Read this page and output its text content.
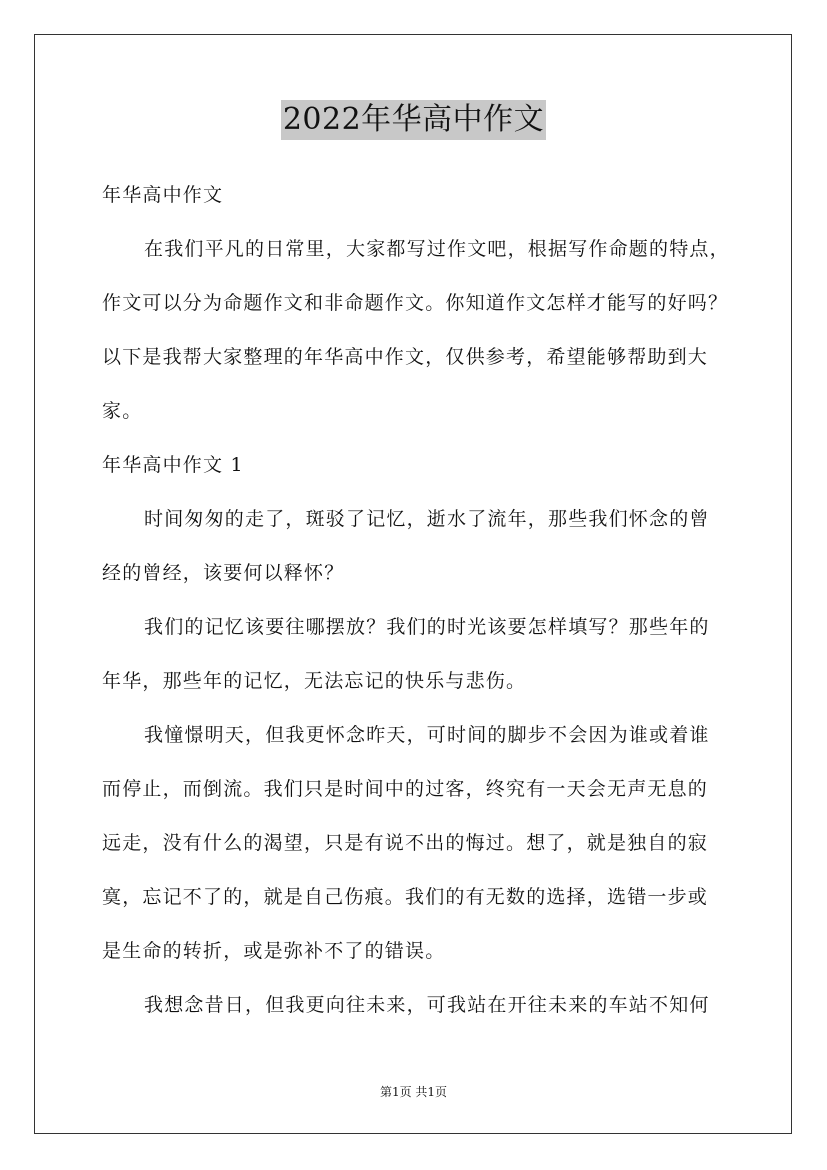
2022年华高中作文
年华高中作文
在我们平凡的日常里，大家都写过作文吧，根据写作命题的特点，
作文可以分为命题作文和非命题作文。你知道作文怎样才能写的好吗？
以下是我帮大家整理的年华高中作文，仅供参考，希望能够帮助到大
家。
年华高中作文 1
时间匆匆的走了，斑驳了记忆，逝水了流年，那些我们怀念的曾
经的曾经，该要何以释怀？
我们的记忆该要往哪摆放？我们的时光该要怎样填写？那些年的
年华，那些年的记忆，无法忘记的快乐与悲伤。
我憧憬明天，但我更怀念昨天，可时间的脚步不会因为谁或着谁
而停止，而倒流。我们只是时间中的过客，终究有一天会无声无息的
远走，没有什么的渴望，只是有说不出的悔过。想了，就是独自的寂
寞，忘记不了的，就是自己伤痕。我们的有无数的选择，选错一步或
是生命的转折，或是弥补不了的错误。
我想念昔日，但我更向往未来，可我站在开往未来的车站不知何
第1页 共1页
